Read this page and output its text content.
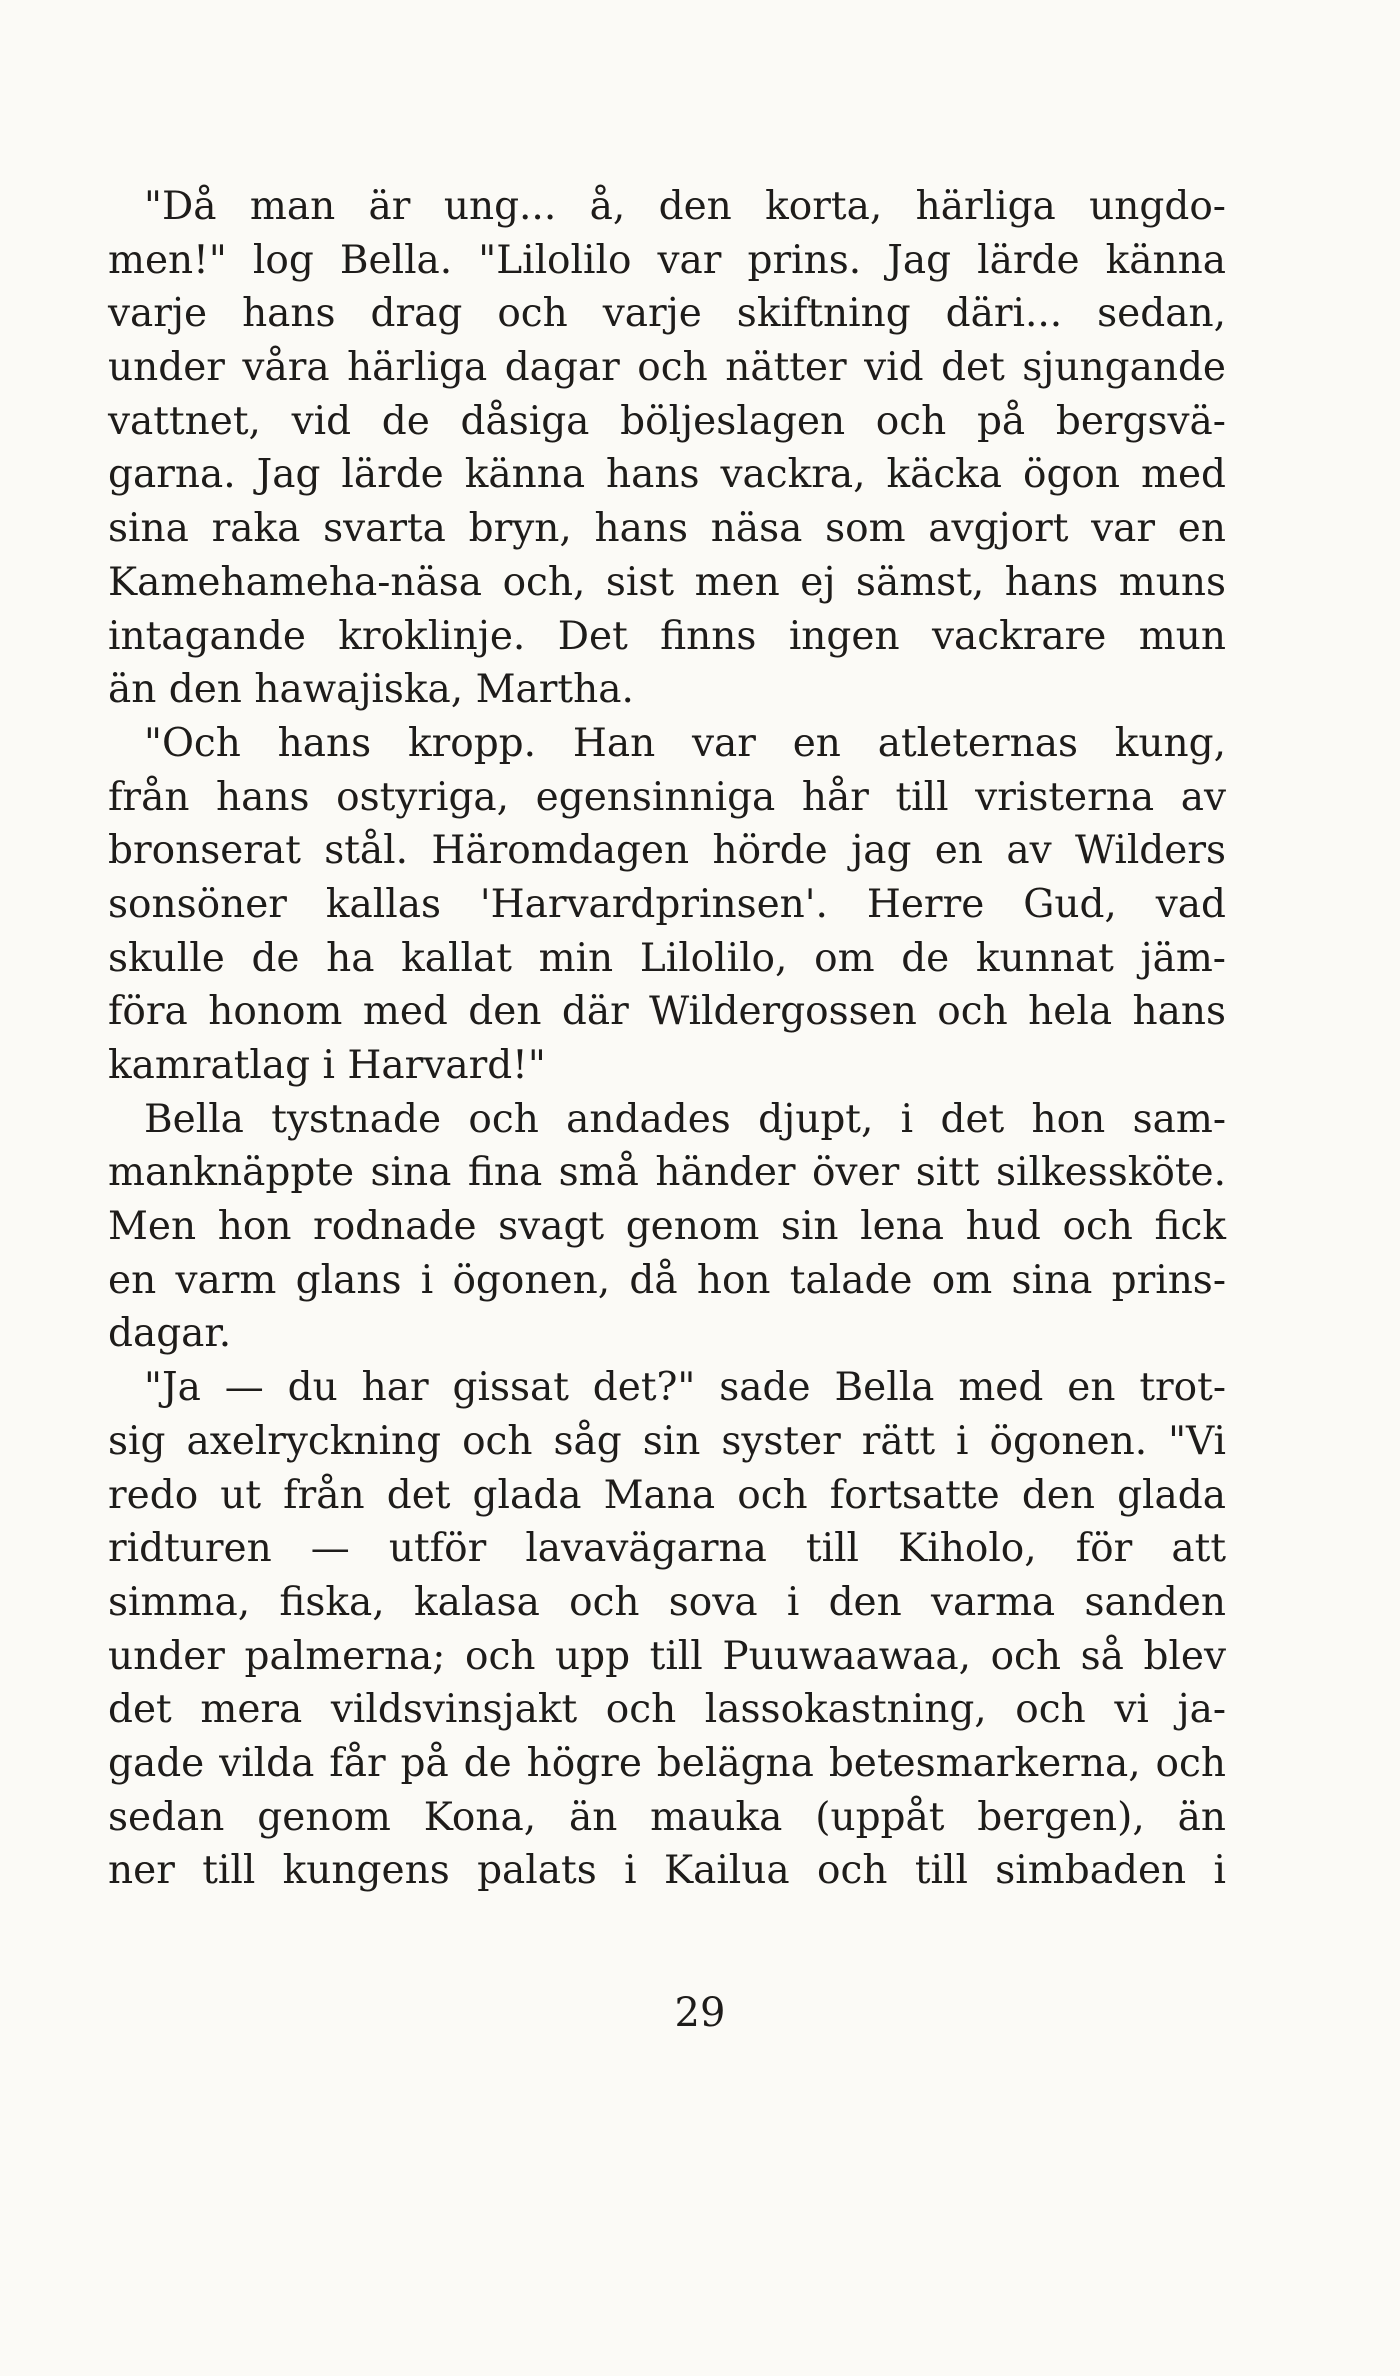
"Då man är ung... å, den korta, härliga ungdo-
men!" log Bella. "Lilolilo var prins. Jag lärde känna
varje hans drag och varje skiftning däri... sedan,
under våra härliga dagar och nätter vid det sjungande
vattnet, vid de dåsiga böljeslagen och på bergsvä-
garna. Jag lärde känna hans vackra, käcka ögon med
sina raka svarta bryn, hans näsa som avgjort var en
Kamehameha-näsa och, sist men ej sämst, hans muns
intagande kroklinje. Det finns ingen vackrare mun
än den hawajiska, Martha.
"Och hans kropp. Han var en atleternas kung,
från hans ostyriga, egensinniga hår till vristerna av
bronserat stål. Häromdagen hörde jag en av Wilders
sonsöner kallas 'Harvardprinsen'. Herre Gud, vad
skulle de ha kallat min Lilolilo, om de kunnat jäm-
föra honom med den där Wildergossen och hela hans
kamratlag i Harvard!"
Bella tystnade och andades djupt, i det hon sam-
manknäppte sina fina små händer över sitt silkessköte.
Men hon rodnade svagt genom sin lena hud och fick
en varm glans i ögonen, då hon talade om sina prins-
dagar.
"Ja — du har gissat det?" sade Bella med en trot-
sig axelryckning och såg sin syster rätt i ögonen. "Vi
redo ut från det glada Mana och fortsatte den glada
ridturen — utför lavavägarna till Kiholo, för att
simma, fiska, kalasa och sova i den varma sanden
under palmerna; och upp till Puuwaawaa, och så blev
det mera vildsvinsjakt och lassokastning, och vi ja-
gade vilda får på de högre belägna betesmarkerna, och
sedan genom Kona, än mauka (uppåt bergen), än
ner till kungens palats i Kailua och till simbaden i
29
